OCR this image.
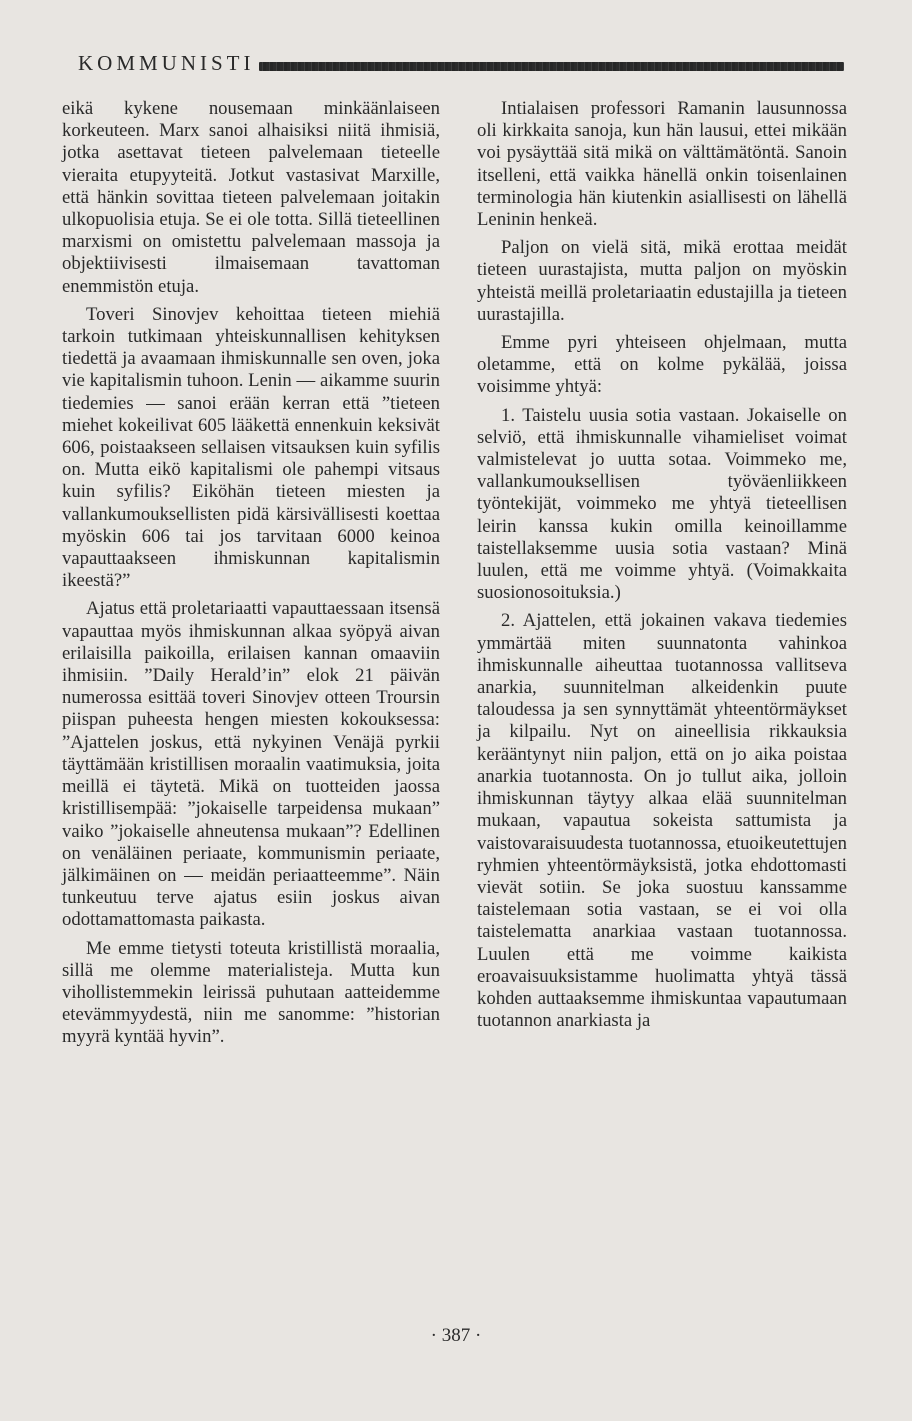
KOMMUNISTI

eikä kykene nousemaan minkäänlaiseen korkeuteen. Marx sanoi alhaisiksi niitä ihmisiä, jotka asettavat tieteen palvelemaan tieteelle vieraita etupyyteitä. Jotkut vastasivat Marxille, että hänkin sovittaa tieteen palvelemaan joitakin ulkopuolisia etuja. Se ei ole totta. Sillä tieteellinen marxismi on omistettu palvelemaan massoja ja objektiivisesti ilmaisemaan tavattoman enemmistön etuja.

Toveri Sinovjev kehoittaa tieteen miehiä tarkoin tutkimaan yhteiskunnallisen kehityksen tiedettä ja avaamaan ihmiskunnalle sen oven, joka vie kapitalismin tuhoon. Lenin — aikamme suurin tiedemies — sanoi erään kerran että ”tieteen miehet kokeilivat 605 lääkettä ennenkuin keksivät 606, poistaakseen sellaisen vitsauksen kuin syfilis on. Mutta eikö kapitalismi ole pahempi vitsaus kuin syfilis? Eiköhän tieteen miesten ja vallankumouksellisten pidä kärsivällisesti koettaa myöskin 606 tai jos tarvitaan 6000 keinoa vapauttaakseen ihmiskunnan kapitalismin ikeestä?”

Ajatus että proletariaatti vapauttaessaan itsensä vapauttaa myös ihmiskunnan alkaa syöpyä aivan erilaisilla paikoilla, erilaisen kannan omaaviin ihmisiin. ”Daily Herald’in” elok 21 päivän numerossa esittää toveri Sinovjev otteen Troursin piispan puheesta hengen miesten kokouksessa: ”Ajattelen joskus, että nykyinen Venäjä pyrkii täyttämään kristillisen moraalin vaatimuksia, joita meillä ei täytetä. Mikä on tuotteiden jaossa kristillisempää: ”jokaiselle tarpeidensa mukaan” vaiko ”jokaiselle ahneutensa mukaan”? Edellinen on venäläinen periaate, kommunismin periaate, jälkimäinen on — meidän periaatteemme”. Näin tunkeutuu terve ajatus esiin joskus aivan odottamattomasta paikasta.

Me emme tietysti toteuta kristillistä moraalia, sillä me olemme materialisteja. Mutta kun vihollistemmekin leirissä puhutaan aatteidemme etevämmyydestä, niin me sanomme: ”historian myyrä kyntää hyvin”.

Intialaisen professori Ramanin lausunnossa oli kirkkaita sanoja, kun hän lausui, ettei mikään voi pysäyttää sitä mikä on välttämätöntä. Sanoin itselleni, että vaikka hänellä onkin toisenlainen terminologia hän kiutenkin asiallisesti on lähellä Leninin henkeä.

Paljon on vielä sitä, mikä erottaa meidät tieteen uurastajista, mutta paljon on myöskin yhteistä meillä proletariaatin edustajilla ja tieteen uurastajilla.

Emme pyri yhteiseen ohjelmaan, mutta oletamme, että on kolme pykälää, joissa voisimme yhtyä:

1. Taistelu uusia sotia vastaan. Jokaiselle on selviö, että ihmiskunnalle vihamieliset voimat valmistelevat jo uutta sotaa. Voimmeko me, vallankumouksellisen työväenliikkeen työntekijät, voimmeko me yhtyä tieteellisen leirin kanssa kukin omilla keinoillamme taistellaksemme uusia sotia vastaan? Minä luulen, että me voimme yhtyä. (Voimakkaita suosionosoituksia.)

2. Ajattelen, että jokainen vakava tiedemies ymmärtää miten suunnatonta vahinkoa ihmiskunnalle aiheuttaa tuotannossa vallitseva anarkia, suunnitelman alkeidenkin puute taloudessa ja sen synnyttämät yhteentörmäykset ja kilpailu. Nyt on aineellisia rikkauksia kerääntynyt niin paljon, että on jo aika poistaa anarkia tuotannosta. On jo tullut aika, jolloin ihmiskunnan täytyy alkaa elää suunnitelman mukaan, vapautua sokeista sattumista ja vaistovaraisuudesta tuotannossa, etuoikeutettujen ryhmien yhteentörmäyksistä, jotka ehdottomasti vievät sotiin. Se joka suostuu kanssamme taistelemaan sotia vastaan, se ei voi olla taistelematta anarkiaa vastaan tuotannossa. Luulen että me voimme kaikista eroavaisuuksistamme huolimatta yhtyä tässä kohden auttaaksemme ihmiskuntaa vapautumaan tuotannon anarkiasta ja

· 387 ·
